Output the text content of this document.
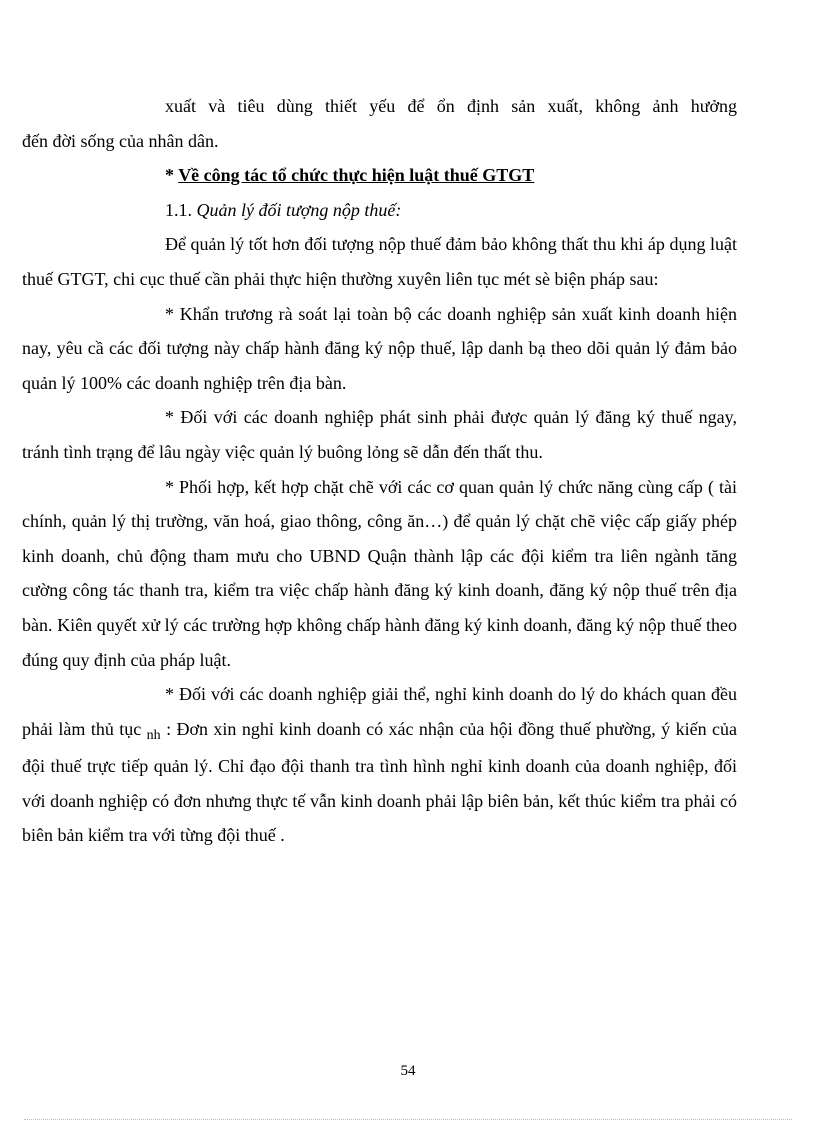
xuất và tiêu dùng thiết yếu để ổn định sản xuất, không ảnh hưởng
đến đời sống của nhân dân.

* Về công tác tổ chức thực hiện luật thuế GTGT

1.1. Quản lý đối tượng nộp thuế:

Để quản lý tốt hơn đối tượng nộp thuế đảm bảo không thất thu khi áp dụng luật thuế GTGT, chi cục thuế cần phải thực hiện thường xuyên liên tục mét sè biện pháp sau:

* Khẩn trương rà soát lại toàn bộ các doanh nghiệp sản xuất kinh doanh hiện nay, yêu cầ các đối tượng này chấp hành đăng ký nộp thuế, lập danh bạ theo dõi quản lý đảm bảo quản lý 100% các doanh nghiệp trên địa bàn.

* Đối với các doanh nghiệp phát sinh phải được quản lý đăng ký thuế ngay, tránh tình trạng để lâu ngày việc quản lý buông lỏng sẽ dẫn đến thất thu.

* Phối hợp, kết hợp chặt chẽ với các cơ quan quản lý chức năng cùng cấp ( tài chính, quản lý thị trường, văn hoá, giao thông, công ăn…) để quản lý chặt chẽ việc cấp giấy phép kinh doanh, chủ động tham mưu cho UBND Quận thành lập các đội kiểm tra liên ngành tăng cường công tác thanh tra, kiểm tra việc chấp hành đăng ký kinh doanh, đăng ký nộp thuế trên địa bàn. Kiên quyết xử lý các trường hợp không chấp hành đăng ký kinh doanh, đăng ký nộp thuế theo đúng quy định của pháp luật.

* Đối với các doanh nghiệp giải thể, nghỉ kinh doanh do lý do khách quan đều phải làm thủ tục $_{nh}$ : Đơn xin nghỉ kinh doanh có xác nhận của hội đồng thuế phường, ý kiến của đội thuế trực tiếp quản lý. Chỉ đạo đội thanh tra tình hình nghỉ kinh doanh của doanh nghiệp, đối với doanh nghiệp có đơn nhưng thực tế vẫn kinh doanh phải lập biên bản, kết thúc kiểm tra phải có biên bản kiểm tra với từng đội thuế .

54
